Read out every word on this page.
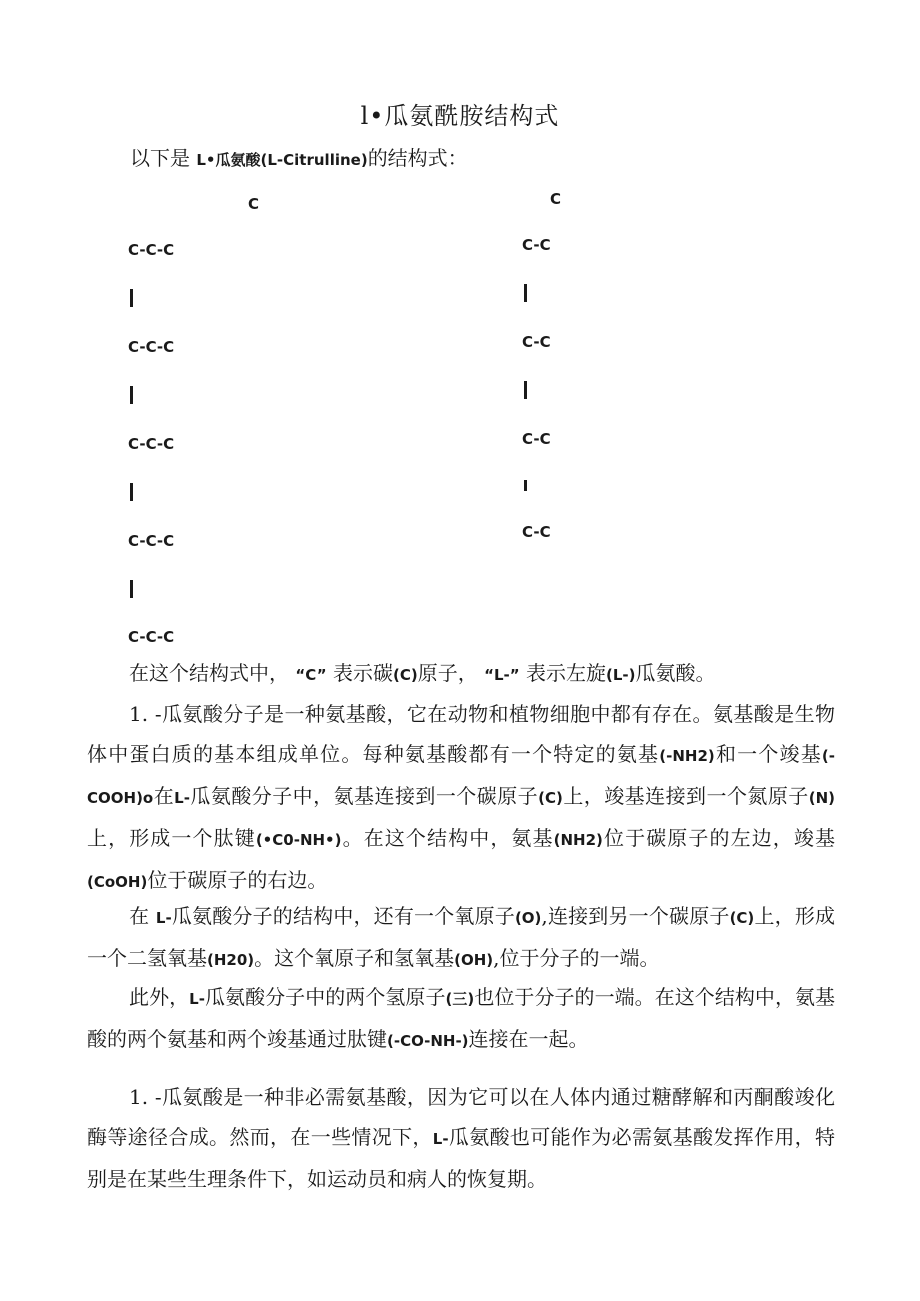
l•瓜氨酰胺结构式
以下是 L•瓜氨酸(L-Citrulline)的结构式：
C
C-C-C
C-C-C
C-C-C
C-C-C
C-C-C
C
C-C
C-C
C-C
C-C
在这个结构式中， “C” 表示碳(C)原子， “L-” 表示左旋(L-)瓜氨酸。
1. -瓜氨酸分子是一种氨基酸，它在动物和植物细胞中都有存在。氨基酸是生物体中蛋白质的基本组成单位。每种氨基酸都有一个特定的氨基(-NH2)和一个竣基(-COOH)o在L-瓜氨酸分子中，氨基连接到一个碳原子(C)上，竣基连接到一个氮原子(N)上，形成一个肽键(•C0-NH•)。在这个结构中，氨基(NH2)位于碳原子的左边，竣基(CoOH)位于碳原子的右边。
在 L-瓜氨酸分子的结构中，还有一个氧原子(O),连接到另一个碳原子(C)上，形成一个二氢氧基(H20)。这个氧原子和氢氧基(OH),位于分子的一端。
此外，L-瓜氨酸分子中的两个氢原子(三)也位于分子的一端。在这个结构中，氨基酸的两个氨基和两个竣基通过肽键(-CO-NH-)连接在一起。
1. -瓜氨酸是一种非必需氨基酸，因为它可以在人体内通过糖酵解和丙酮酸竣化酶等途径合成。然而，在一些情况下，L-瓜氨酸也可能作为必需氨基酸发挥作用，特别是在某些生理条件下，如运动员和病人的恢复期。
